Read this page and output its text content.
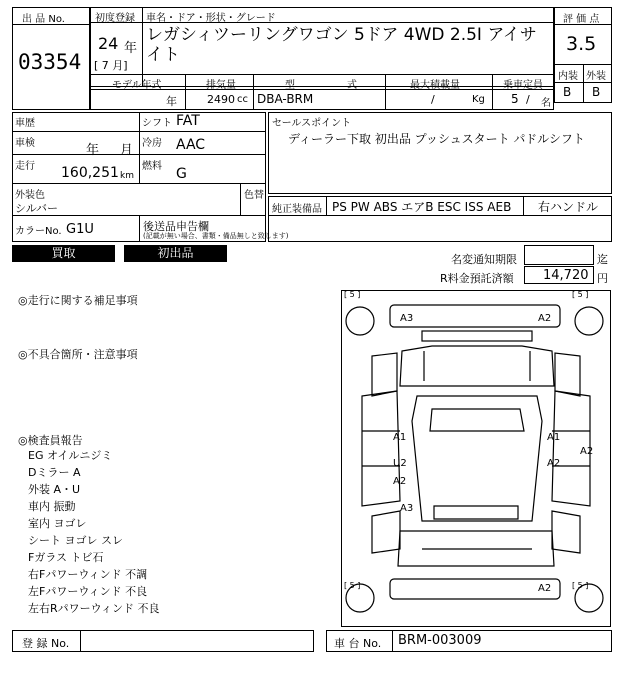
出 品 No.
03354
初度登録 車名・ドア・形状・グレード
24 年
[ 7 月]
レガシィツーリングワゴン 5ドア 4WD 2.5I アイサイト
評 価 点
3.5
内装 外装
B B
モデル年式	排気量	型	式	最大積載量	乗車定員
年	2490 cc DBA-BRM	/	Kg 5 / 名
車歴	シフト FAT
車検	年 月 冷房 AAC
走行 160,251 km
燃料 G
外装色
シルバー
色替
カラーNo. G1U	後送品申告欄
(記載が無い場合、書類・備品無しと致します)
セールスポイント
ディーラー下取 初出品 プッシュスタート パドルシフト
純正装備品 PS PW ABS エアB ESC ISS AEB 右ハンドル
買取	初出品	名変通知期限	迄
R料金預託済額 14,720 円
◎走行に関する補足事項
◎不具合箇所・注意事項
◎検査員報告
EG オイルニジミ
Dミラー A
外装 A・U
車内 振動
室内 ヨゴレ
シート ヨゴレ スレ
Fガラス トビ石
右Fパワーウィンド 不調
左Fパワーウィンド 不良
左右Rパワーウィンド 不良
[ 5 ]	[ 5 ]
[ 5 ]	[ 5 ]
A3	A2
A1	A1
U2	A2
A2
A2
A3
A2
登 録 No.	車 台 No. BRM-003009
